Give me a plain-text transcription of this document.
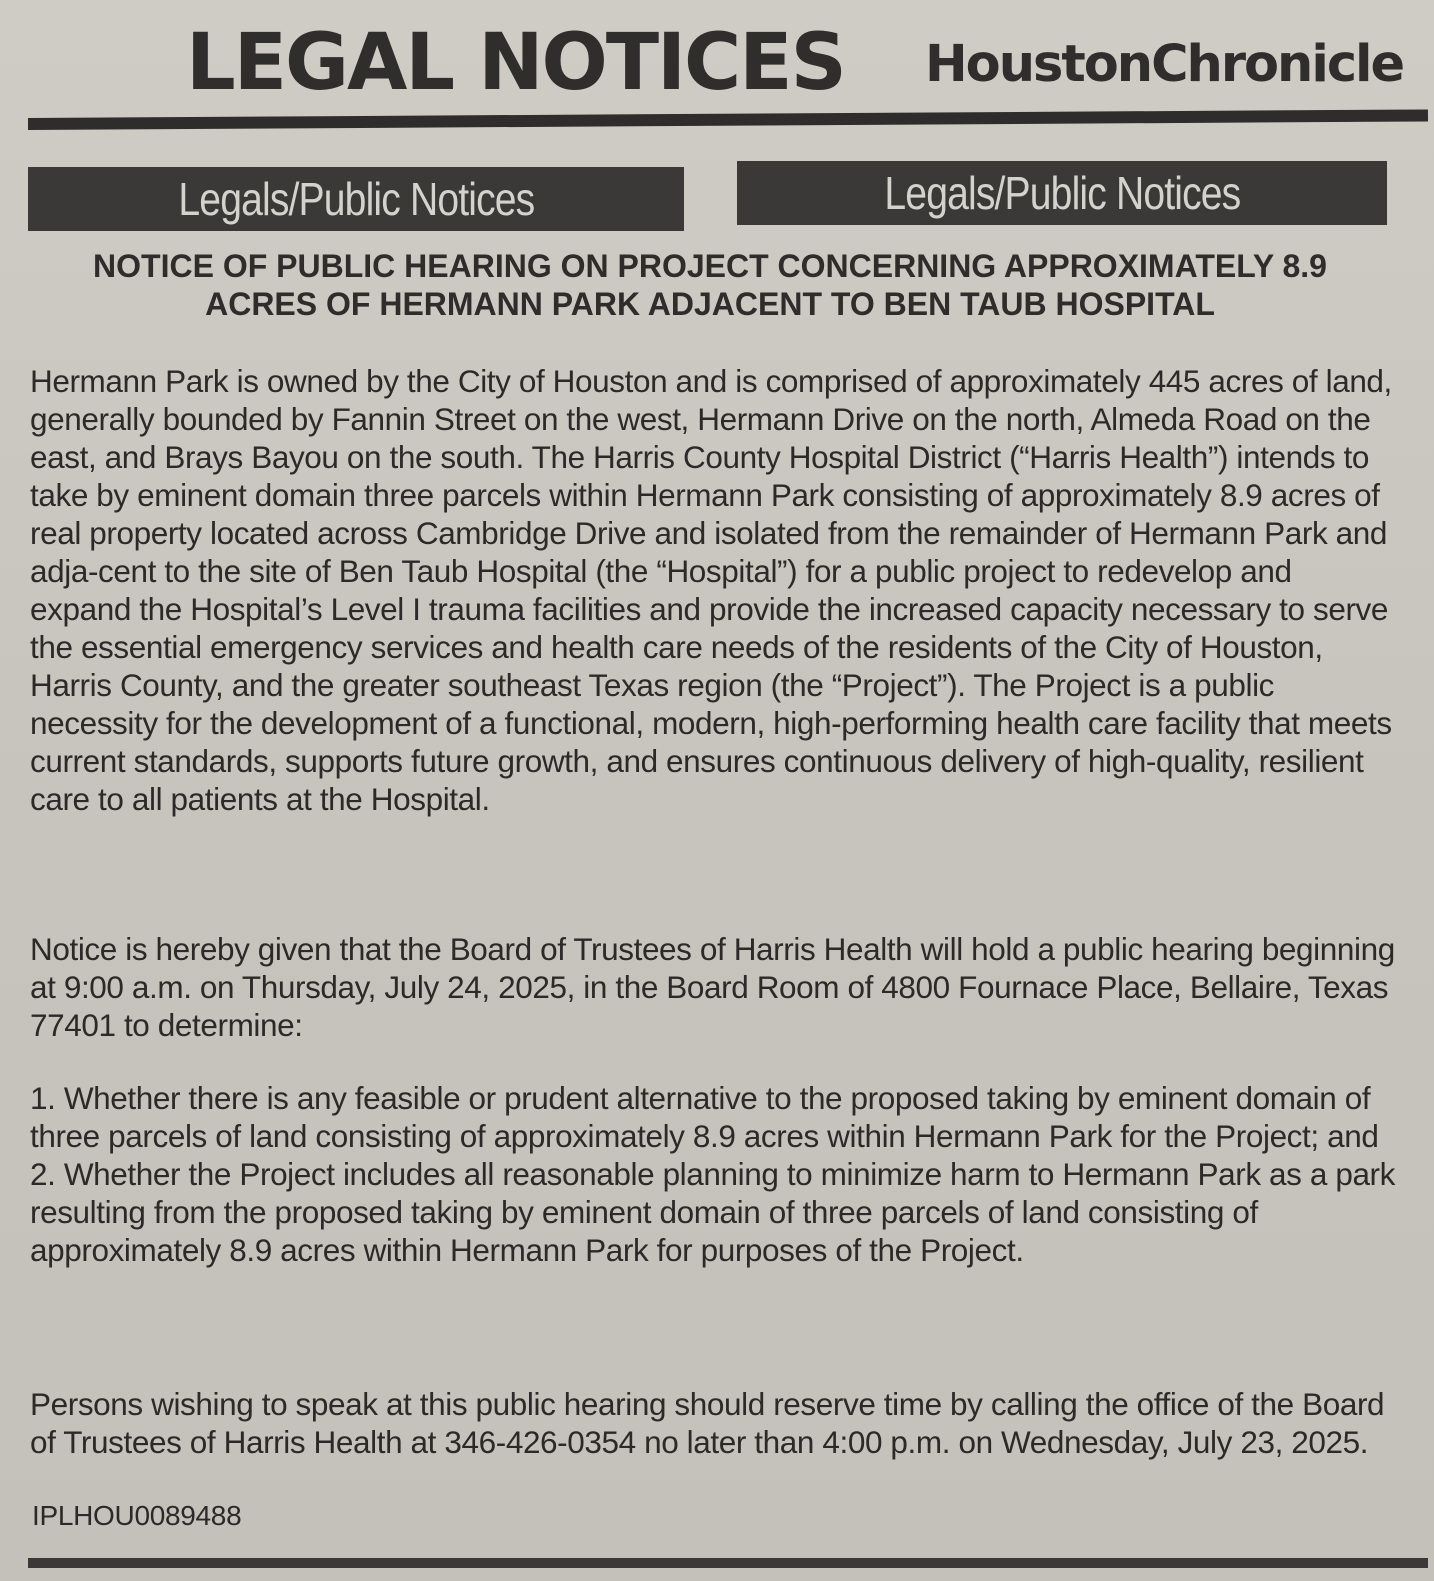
LEGAL NOTICES HoustonChronicle
Legals/Public Notices	Legals/Public Notices
NOTICE OF PUBLIC HEARING ON PROJECT CONCERNING APPROXIMATELY 8.9 ACRES OF HERMANN PARK ADJACENT TO BEN TAUB HOSPITAL

Hermann Park is owned by the City of Houston and is comprised of approximately 445 acres of land, generally bounded by Fannin Street on the west, Hermann Drive on the north, Almeda Road on the east, and Brays Bayou on the south. The Harris County Hospital District (“Harris Health”) intends to take by eminent domain three parcels within Hermann Park consisting of approximately 8.9 acres of real property located across Cambridge Drive and isolated from the remainder of Hermann Park and adja-cent to the site of Ben Taub Hospital (the “Hospital”) for a public project to redevelop and expand the Hospital’s Level I trauma facilities and provide the increased capacity necessary to serve the essential emergency services and health care needs of the residents of the City of Houston, Harris County, and the greater southeast Texas region (the “Project”). The Project is a public necessity for the development of a functional, modern, high-performing health care facility that meets current standards, supports future growth, and ensures continuous delivery of high-quality, resilient care to all patients at the Hospital.

Notice is hereby given that the Board of Trustees of Harris Health will hold a public hearing beginning at 9:00 a.m. on Thursday, July 24, 2025, in the Board Room of 4800 Fournace Place, Bellaire, Texas 77401 to determine:

1. Whether there is any feasible or prudent alternative to the proposed taking by eminent domain of three parcels of land consisting of approximately 8.9 acres within Hermann Park for the Project; and

2. Whether the Project includes all reasonable planning to minimize harm to Hermann Park as a park resulting from the proposed taking by eminent domain of three parcels of land consisting of approximately 8.9 acres within Hermann Park for purposes of the Project.

Persons wishing to speak at this public hearing should reserve time by calling the office of the Board of Trustees of Harris Health at 346-426-0354 no later than 4:00 p.m. on Wednesday, July 23, 2025.

IPLHOU0089488
